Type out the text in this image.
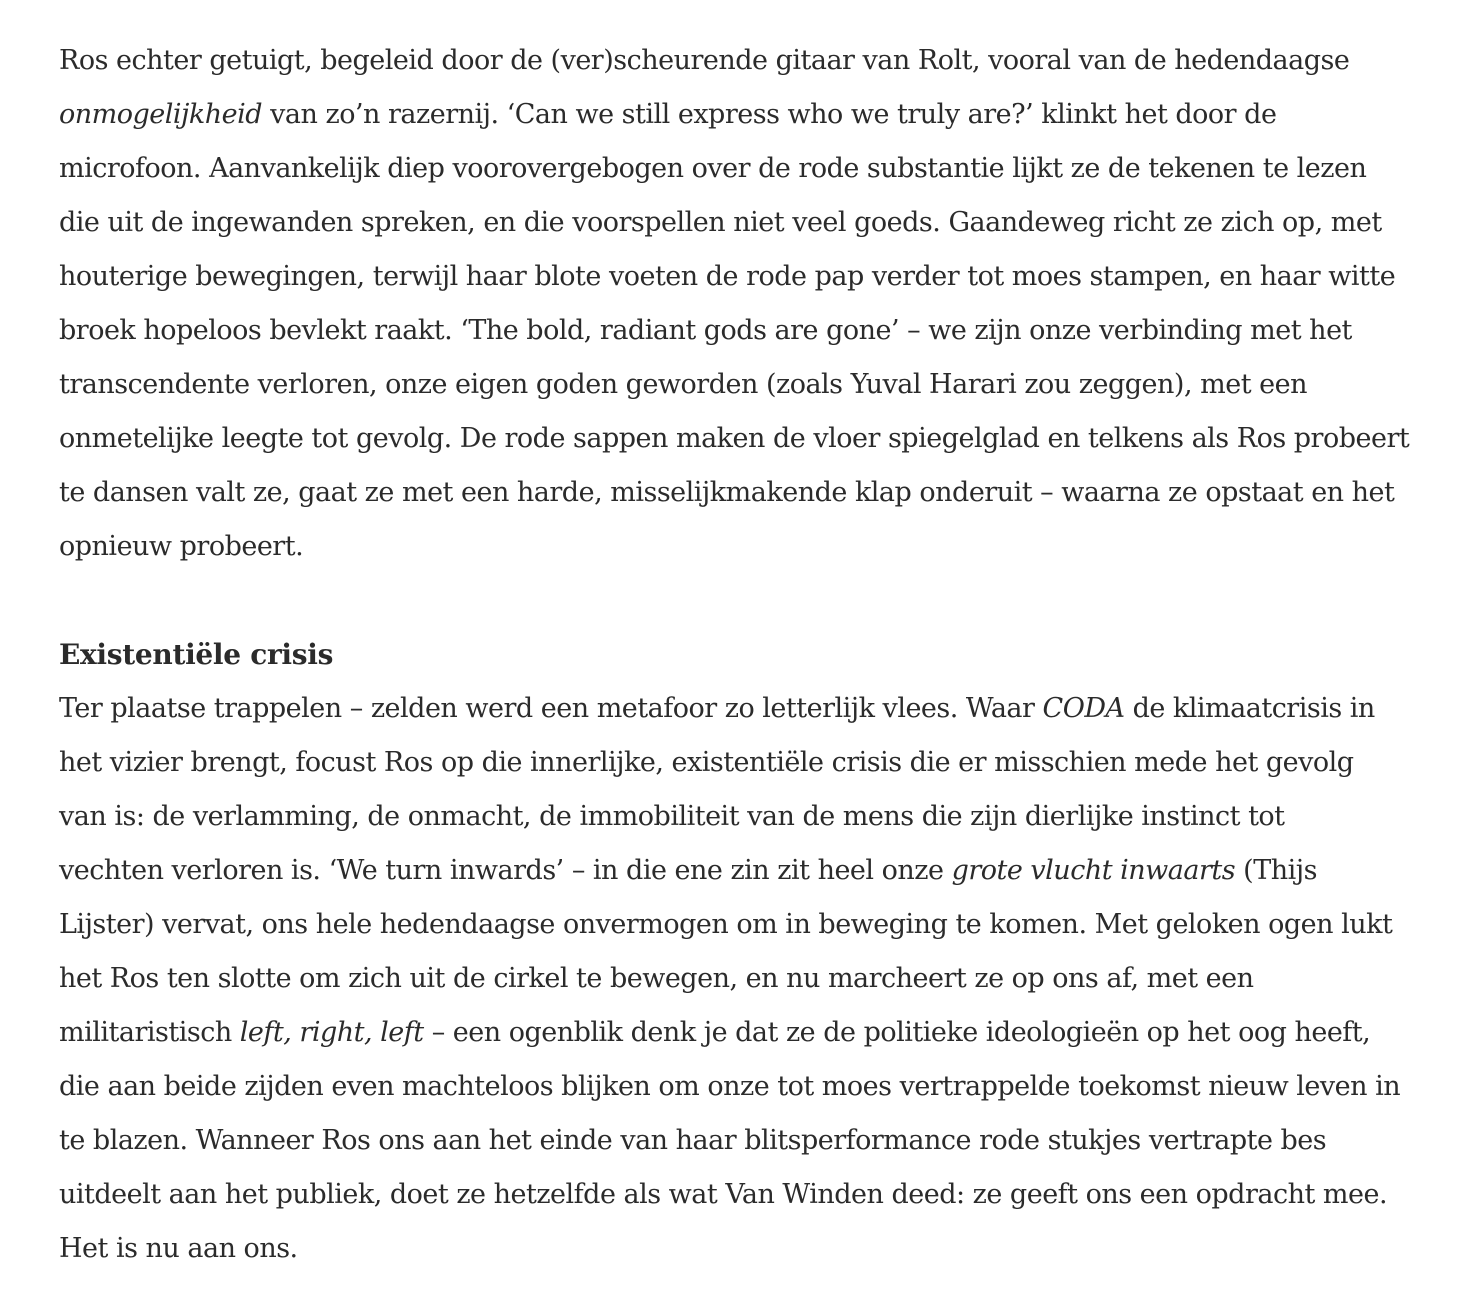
Ros echter getuigt, begeleid door de (ver)scheurende gitaar van Rolt, vooral van de hedendaagse
onmogelijkheid van zo’n razernij. ‘Can we still express who we truly are?’ klinkt het door de
microfoon. Aanvankelijk diep voorovergebogen over de rode substantie lijkt ze de tekenen te lezen
die uit de ingewanden spreken, en die voorspellen niet veel goeds. Gaandeweg richt ze zich op, met
houterige bewegingen, terwijl haar blote voeten de rode pap verder tot moes stampen, en haar witte
broek hopeloos bevlekt raakt. ‘The bold, radiant gods are gone’ – we zijn onze verbinding met het
transcendente verloren, onze eigen goden geworden (zoals Yuval Harari zou zeggen), met een
onmetelijke leegte tot gevolg. De rode sappen maken de vloer spiegelglad en telkens als Ros probeert
te dansen valt ze, gaat ze met een harde, misselijkmakende klap onderuit – waarna ze opstaat en het
opnieuw probeert.
Existentiële crisis
Ter plaatse trappelen – zelden werd een metafoor zo letterlijk vlees. Waar CODA de klimaatcrisis in
het vizier brengt, focust Ros op die innerlijke, existentiële crisis die er misschien mede het gevolg
van is: de verlamming, de onmacht, de immobiliteit van de mens die zijn dierlijke instinct tot
vechten verloren is. ‘We turn inwards’ – in die ene zin zit heel onze grote vlucht inwaarts (Thijs
Lijster) vervat, ons hele hedendaagse onvermogen om in beweging te komen. Met geloken ogen lukt
het Ros ten slotte om zich uit de cirkel te bewegen, en nu marcheert ze op ons af, met een
militaristisch left, right, left – een ogenblik denk je dat ze de politieke ideologieën op het oog heeft,
die aan beide zijden even machteloos blijken om onze tot moes vertrappelde toekomst nieuw leven in
te blazen. Wanneer Ros ons aan het einde van haar blitsperformance rode stukjes vertrapte bes
uitdeelt aan het publiek, doet ze hetzelfde als wat Van Winden deed: ze geeft ons een opdracht mee.
Het is nu aan ons.
